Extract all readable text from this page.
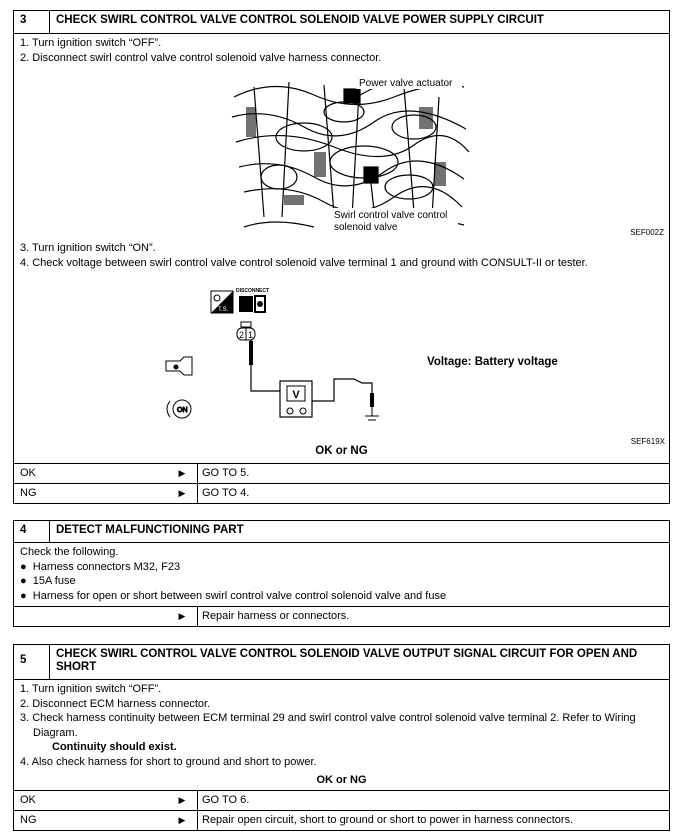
3	CHECK SWIRL CONTROL VALVE CONTROL SOLENOID VALVE POWER SUPPLY CIRCUIT
1. Turn ignition switch “OFF”.
2. Disconnect swirl control valve control solenoid valve harness connector.
Power valve actuator
Swirl control valve control
solenoid valve	SEF002Z
3. Turn ignition switch “ON”.
4. Check voltage between swirl control valve control solenoid valve terminal 1 and ground with CONSULT-II or tester.
T.S.
DISCONNECT
2 1
V
ON
Voltage: Battery voltage
SEF619X
OK or NG
OK	▶	GO TO 5.
NG	▶	GO TO 4.
4	DETECT MALFUNCTIONING PART
Check the following.
●  Harness connectors M32, F23
●  15A fuse
●  Harness for open or short between swirl control valve control solenoid valve and fuse
▶	Repair harness or connectors.
5	CHECK SWIRL CONTROL VALVE CONTROL SOLENOID VALVE OUTPUT SIGNAL CIRCUIT FOR OPEN AND SHORT
1. Turn ignition switch “OFF”.
2. Disconnect ECM harness connector.
3. Check harness continuity between ECM terminal 29 and swirl control valve control solenoid valve terminal 2. Refer to Wiring Diagram.
Continuity should exist.
4. Also check harness for short to ground and short to power.
OK or NG
OK	▶	GO TO 6.
NG	▶	Repair open circuit, short to ground or short to power in harness connectors.
